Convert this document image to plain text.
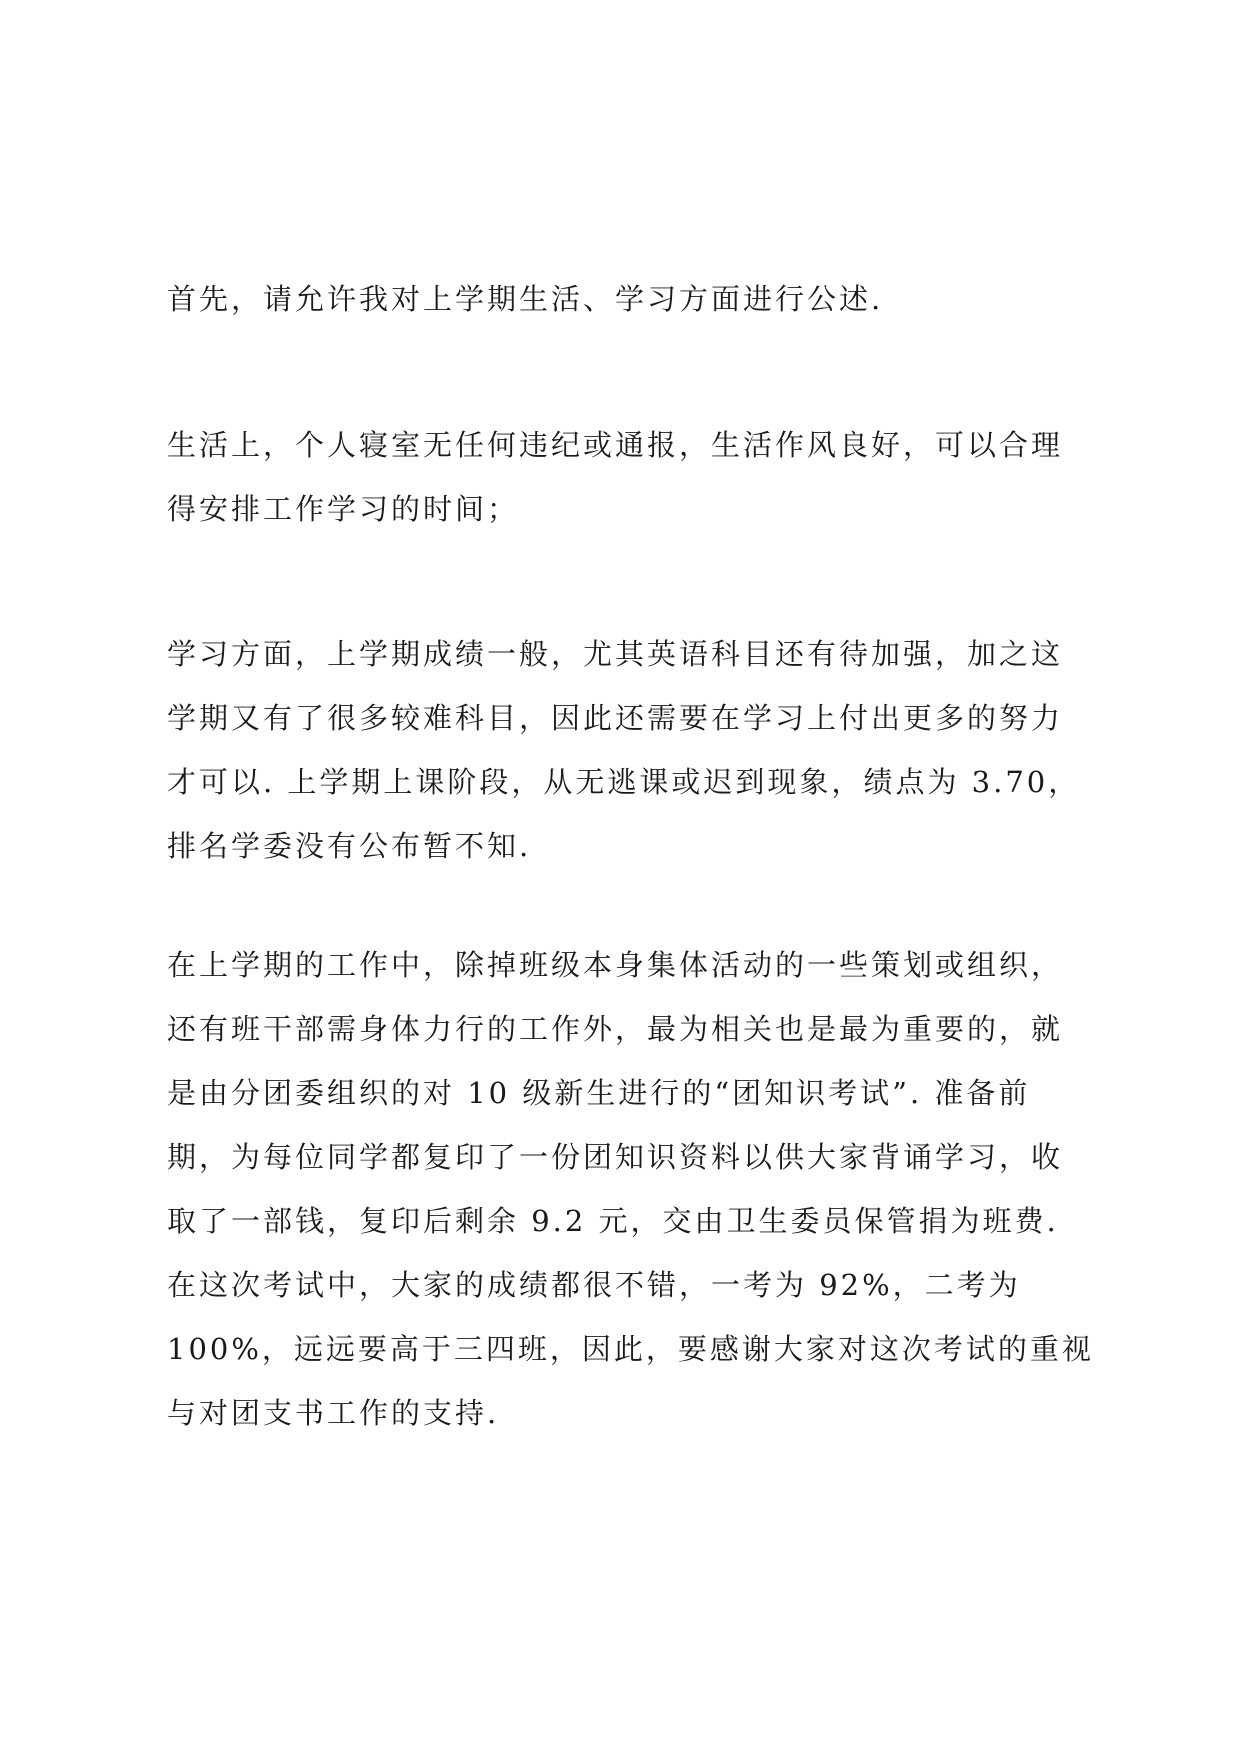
首先，请允许我对上学期生活、学习方面进行公述.
生活上，个人寝室无任何违纪或通报，生活作风良好，可以合理
得安排工作学习的时间；
学习方面，上学期成绩一般，尤其英语科目还有待加强，加之这
学期又有了很多较难科目，因此还需要在学习上付出更多的努力
才可以. 上学期上课阶段，从无逃课或迟到现象，绩点为 3.70，
排名学委没有公布暂不知.
在上学期的工作中，除掉班级本身集体活动的一些策划或组织，
还有班干部需身体力行的工作外，最为相关也是最为重要的，就
是由分团委组织的对 10 级新生进行的“团知识考试”. 准备前
期，为每位同学都复印了一份团知识资料以供大家背诵学习，收
取了一部钱，复印后剩余 9.2 元，交由卫生委员保管捐为班费.
在这次考试中，大家的成绩都很不错，一考为 92%，二考为
100%，远远要高于三四班，因此，要感谢大家对这次考试的重视
与对团支书工作的支持.
